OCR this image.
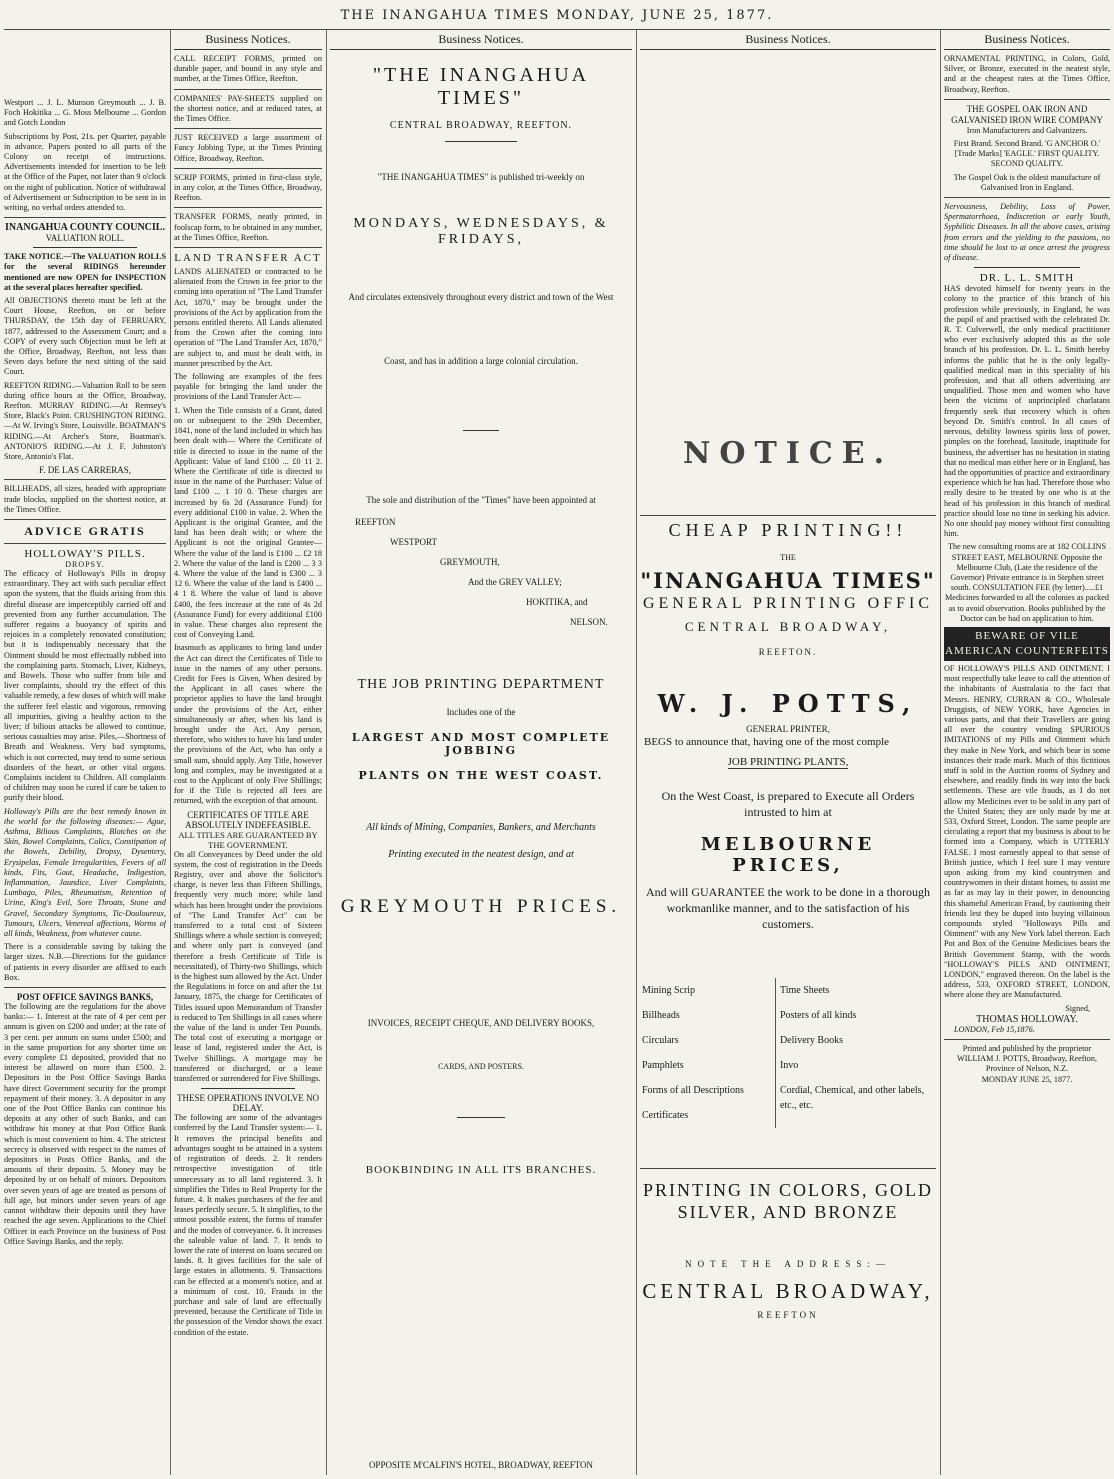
THE INANGAHUA TIMES MONDAY, JUNE 25, 1877.
Westport ... J. L. Munson Greymouth ... J. B. Foch Hokitika ... G. Moss Melbourne ... Gordon and Gotch London
Subscriptions by Post, 21s. per Quarter, payable in advance. Papers posted to all parts of the Colony on receipt of instructions. Advertisements intended for insertion to be left at the Office of the Paper, not later than 9 o'clock on the night of publication. Notice of withdrawal of Advertisement or Subscription to be sent in in writing, no verbal orders attended to.
INANGAHUA COUNTY COUNCIL.
VALUATION ROLL.
TAKE NOTICE.—The VALUATION ROLLS for the several RIDINGS hereunder mentioned are now OPEN for INSPECTION at the several places hereafter specified.
All OBJECTIONS thereto must be left at the Court House, Reefton, on or before THURSDAY, the 15th day of FEBRUARY, 1877, addressed to the Assessment Court; and a COPY of every such Objection must be left at the Office, Broadway, Reefton, not less than Seven days before the next sitting of the said Court.
REEFTON RIDING.—Valuation Roll to be seen during office hours at the Office, Broadway, Reefton. MURRAY RIDING.—At Remsey's Store, Black's Point. CRUSHINGTON RIDING.—At W. Irving's Store, Louisville. BOATMAN'S RIDING.—At Archer's Store, Boatman's. ANTONIO'S RIDING.—At J. F. Johnston's Store, Antonio's Flat.
F. DE LAS CARRERAS,
BILLHEADS, all sizes, headed with appropriate trade blocks, supplied on the shortest notice, at the Times Office.
ADVICE GRATIS
HOLLOWAY'S PILLS.
DROPSY.
The efficacy of Holloway's Pills in dropsy extraordinary. They act with such peculiar effect upon the system, that the fluids arising from this direful disease are imperceptibly carried off and prevented from any further accumulation. The sufferer regains a buoyancy of spirits and rejoices in a completely renovated constitution; but it is indispensably necessary that the Ointment should be most effectually rubbed into the complaining parts. Stomach, Liver, Kidneys, and Bowels. Those who suffer from bile and liver complaints, should try the effect of this valuable remedy, a few doses of which will make the sufferer feel elastic and vigorous, removing all impurities, giving a healthy action to the liver; if bilious attacks be allowed to continue, serious casualties may arise. Piles,—Shortness of Breath and Weakness. Very bad symptoms, which is not corrected, may tend to some serious disorders of the heart, or other vital organs. Complaints incident to Children. All complaints of children may soon be cured if care be taken to purify their blood.
Holloway's Pills are the best remedy known in the world for the following diseases:— Ague, Asthma, Bilious Complaints, Blotches on the Skin, Bowel Complaints, Colics, Constipation of the Bowels, Debility, Dropsy, Dysentery, Erysipelas, Female Irregularities, Fevers of all kinds, Fits, Gout, Headache, Indigestion, Inflammation, Jaundice, Liver Complaints, Lumbago, Piles, Rheumatism, Retention of Urine, King's Evil, Sore Throats, Stone and Gravel, Secondary Symptoms, Tic-Douloureux, Tumours, Ulcers, Venereal affections, Worms of all kinds, Weakness, from whatever cause.
There is a considerable saving by taking the larger sizes. N.B.—Directions for the guidance of patients in every disorder are affixed to each Box.
POST OFFICE SAVINGS BANKS,
The following are the regulations for the above banks:— 1. Interest at the rate of 4 per cent per annum is given on £200 and under; at the rate of 3 per cent. per annum on sums under £500; and in the same proportion for any shorter time on every complete £1 deposited, provided that no interest be allowed on more than £500. 2. Depositors in the Post Office Savings Banks have direct Government security for the prompt repayment of their money. 3. A depositor in any one of the Post Office Banks can continue his deposits at any other of such Banks, and can withdraw his money at that Post Office Bank which is most convenient to him. 4. The strictest secrecy is observed with respect to the names of depositors in Posts Office Banks, and the amounts of their deposits. 5. Money may be deposited by or on behalf of minors. Depositors over seven years of age are treated as persons of full age, but minors under seven years of age cannot withdraw their deposits until they have reached the age seven. Applications to the Chief Officer in each Province on the business of Post Office Savings Banks, and the reply.
Business Notices.
CALL RECEIPT FORMS, printed on durable paper, and bound in any style and number, at the Times Office, Reefton.
COMPANIES' PAY-SHEETS supplied on the shortest notice, and at reduced rates, at the Times Office.
JUST RECEIVED a large assortment of Fancy Jobbing Type, at the Times Printing Office, Broadway, Reefton.
SCRIP FORMS, printed in first-class style, in any color, at the Times Office, Broadway, Reefton.
TRANSFER FORMS, neatly printed, in foolscap form, to be obtained in any number, at the Times Office, Reefton.
LAND TRANSFER ACT
LANDS ALIENATED or contracted to be alienated from the Crown in fee prior to the coming into operation of "The Land Transfer Act, 1870," may be brought under the provisions of the Act by application from the persons entitled thereto. All Lands alienated from the Crown after the coming into operation of "The Land Transfer Act, 1870," are subject to, and must be dealt with, in manner prescribed by the Act.
The following are examples of the fees payable for bringing the land under the provisions of the Land Transfer Act:—
1. When the Title consists of a Grant, dated on or subsequent to the 29th December, 1841, none of the land included in which has been dealt with— Where the Certificate of title is directed to issue in the name of the Applicant: Value of land £100 ... £0 11 2. Where the Certificate of title is directed to issue in the name of the Purchaser: Value of land £100 ... 1 10 0. These charges are increased by 6s 2d (Assurance Fund) for every additional £100 in value. 2. When the Applicant is the original Grantee, and the land has been dealt with; or where the Applicant is not the original Grantee— Where the value of the land is £100 ... £2 18 2. Where the value of the land is £200 ... 3 3 4. Where the value of the land is £300 ... 3 12 6. Where the value of the land is £400 ... 4 1 8. Where the value of land is above £400, the fees increase at the rate of 4s 2d (Assurance Fund) for every additional £100 in value. These charges also represent the cost of Conveying Land.
Inasmuch as applicants to bring land under the Act can direct the Certificates of Title to issue in the names of any other persons. Credit for Fees is Given, When desired by the Applicant in all cases where the proprietor applies to have the land brought under the provisions of the Act, either simultaneously or after, when his land is brought under the Act. Any person, therefore, who wishes to have his land under the provisions of the Act, who has only a small sum, should apply. Any Title, however long and complex, may be investigated at a cost to the Applicant of only Five Shillings; for if the Title is rejected all fees are returned, with the exception of that amount.
CERTIFICATES OF TITLE ARE ABSOLUTELY INDEFEASIBLE.
ALL TITLES ARE GUARANTEED BY THE GOVERNMENT.
On all Conveyances by Deed under the old system, the cost of registration in the Deeds Registry, over and above the Solicitor's charge, is never less than Fifteen Shillings, frequently very much more; while land which has been brought under the provisions of "The Land Transfer Act" can be transferred to a total cost of Sixteen Shillings where a whole section is conveyed; and where only part is conveyed (and therefore a fresh Certificate of Title is necessitated), of Thirty-two Shillings, which is the highest sum allowed by the Act. Under the Regulations in force on and after the 1st January, 1875, the charge for Certificates of Titles issued upon Memorandum of Transfer is reduced to Ten Shillings in all cases where the value of the land is under Ten Pounds. The total cost of executing a mortgage or lease of land, registered under the Act, is Twelve Shillings. A mortgage may be transferred or discharged, or a lease transferred or surrendered for Five Shillings.
THESE OPERATIONS INVOLVE NO DELAY.
The following are some of the advantages conferred by the Land Transfer system:— 1. It removes the principal benefits and advantages sought to be attained in a system of registration of deeds. 2. It renders retrospective investigation of title unnecessary as to all land registered. 3. It simplifies the Titles to Real Property for the future. 4. It makes purchasers of the fee and leases perfectly secure. 5. It simplifies, to the utmost possible extent, the forms of transfer and the modes of conveyance. 6. It increases the saleable value of land. 7. It tends to lower the rate of interest on loans secured on lands. 8. It gives facilities for the sale of large estates in allotments. 9. Transactions can be effected at a moment's notice, and at a minimum of cost. 10. Frauds in the purchase and sale of land are effectually prevented, because the Certificate of Title in the possession of the Vendor shows the exact condition of the estate.
Business Notices.
"THE INANGAHUA TIMES"
CENTRAL BROADWAY, REEFTON.
"THE INANGAHUA TIMES" is published tri-weekly on
MONDAYS, WEDNESDAYS, & FRIDAYS,
And circulates extensively throughout every district and town of the West
Coast, and has in addition a large colonial circulation.
The sole and distribution of the "Times" have been appointed at
REEFTON
WESTPORT
GREYMOUTH,
And the GREY VALLEY;
HOKITIKA, and
NELSON.
THE JOB PRINTING DEPARTMENT
Includes one of the
LARGEST AND MOST COMPLETE JOBBING
PLANTS ON THE WEST COAST.
All kinds of Mining, Companies, Bankers, and Merchants
Printing executed in the neatest design, and at
GREYMOUTH PRICES.
INVOICES, RECEIPT CHEQUE, AND DELIVERY BOOKS,
CARDS, AND POSTERS.
BOOKBINDING IN ALL ITS BRANCHES.
OPPOSITE M'CALFIN'S HOTEL, BROADWAY, REEFTON
Business Notices.
NOTICE.
CHEAP PRINTING!!
THE
"INANGAHUA TIMES"
GENERAL PRINTING OFFIC
CENTRAL BROADWAY,
REEFTON.
W. J. POTTS,
GENERAL PRINTER,
BEGS to announce that, having one of the most comple
JOB PRINTING PLANTS,
On the West Coast, is prepared to Execute all Orders intrusted to him at
MELBOURNE PRICES,
And will GUARANTEE the work to be done in a thorough workmanlike manner, and to the satisfaction of his customers.
Mining Scrip
Billheads
Circulars
Pamphlets
Forms of all Descriptions
Certificates
Time Sheets
Posters of all kinds
Delivery Books
Invo
Cordial, Chemical, and other labels, etc., etc.
PRINTING IN COLORS, GOLD SILVER, AND BRONZE
NOTE THE ADDRESS:—
CENTRAL BROADWAY,
REEFTON
Business Notices.
ORNAMENTAL PRINTING, in Colors, Gold, Silver, or Bronze, executed in the neatest style, and at the cheapest rates at the Times Office, Broadway, Reefton.
THE GOSPEL OAK IRON AND GALVANISED IRON WIRE COMPANY
Iron Manufacturers and Galvanizers.
First Brand. Second Brand. 'G ANCHOR O.' [Trade Marks] 'EAGLE.' FIRST QUALITY. SECOND QUALITY.
The Gospel Oak is the oldest manufacture of Galvanised Iron in England.
Nervousness, Debility, Loss of Power, Spermatorrhoea, Indiscretion or early Youth, Syphilitic Diseases. In all the above cases, arising from errors and the yielding to the passions, no time should be lost to at once arrest the progress of disease.
DR. L. L. SMITH
HAS devoted himself for twenty years in the colony to the practice of this branch of his profession while previously, in England, he was the pupil of and practised with the celebrated Dr. R. T. Culverwell, the only medical practitioner who ever exclusively adopted this as the sole branch of his profession. Dr. L. L. Smith hereby informs the public that he is the only legally-qualified medical man in this speciality of his profession, and that all others advertising are unqualified. Those men and women who have been the victims of unprincipled charlatans frequently seek that recovery which is often beyond Dr. Smith's control. In all cases of nervous, debility lowness spirits loss of power, pimples on the forehead, lassitude, inaptitude for business, the advertiser has no hesitation in stating that no medical man either here or in England, has had the opportunities of practice and extraordinary experience which he has had. Therefore those who really desire to be treated by one who is at the head of his profession in this branch of medical practice should lose no time in seeking his advice. No one should pay money without first consulting him.
The new consulting rooms are at 182 COLLINS STREET EAST, MELBOURNE Opposite the Melbourne Club, (Late the residence of the Governor) Private entrance is in Stephen street south. CONSULTATION FEE (by letter).....£1 Medicines forwarded to all the colonies as packed as to avoid observation. Books published by the Doctor can be had on application to him.
BEWARE OF VILE
AMERICAN COUNTERFEITS
OF HOLLOWAY'S PILLS AND OINTMENT. I most respectfully take leave to call the attention of the inhabitants of Australasia to the fact that Messrs. HENRY, CURRAN & CO., Wholesale Druggists, of NEW YORK, have Agencies in various parts, and that their Travellers are going all over the country vending SPURIOUS IMITATIONS of my Pills and Ointment which they make in New York, and which bear in some instances their trade mark. Much of this fictitious stuff is sold in the Auction rooms of Sydney and elsewhere, and readily finds its way into the back settlements. These are vile frauds, as I do not allow my Medicines ever to be sold in any part of the United States; they are only made by me at 533, Oxford Street, London. The same people are circulating a report that my business is about to be formed into a Company, which is UTTERLY FALSE. I most earnestly appeal to that sense of British justice, which I feel sure I may venture upon asking from my kind countrymen and countrywomen in their distant homes, to assist me as far as may lay in their power, in denouncing this shameful American Fraud, by cautioning their friends lest they be duped into buying villainous compounds styled "Holloways Pills and Ointment" with any New York label thereon. Each Pot and Box of the Genuine Medicines bears the British Government Stamp, with the words "HOLLOWAY'S PILLS AND OINTMENT, LONDON," engraved thereon. On the label is the address, 533, OXFORD STREET, LONDON, where alone they are Manufactured.
Signed,
THOMAS HOLLOWAY.
LONDON, Feb 15,1876.
Printed and published by the proprietor WILLIAM J. POTTS, Broadway, Reefton, Province of Nelson, N.Z.
MONDAY JUNE 25, 1877.
